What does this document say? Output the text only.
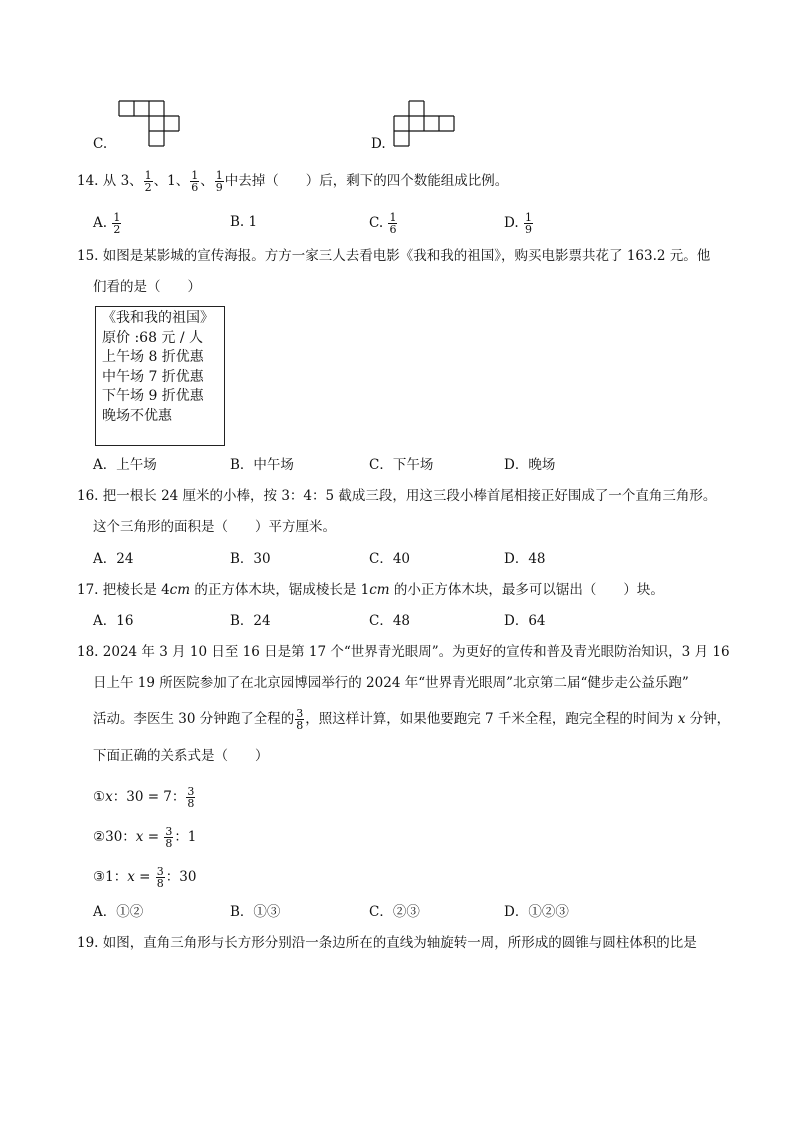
C.	D.
14. 从 3、 $\frac{1}{2}$ 、1、 $\frac{1}{6}$ 、 $\frac{1}{9}$ 中去掉（　　）后，剩下的四个数能组成比例。
A. $\frac{1}{2}$	B. 1	C. $\frac{1}{6}$	D. $\frac{1}{9}$
15. 如图是某影城的宣传海报。方方一家三人去看电影《我和我的祖国》，购买电影票共花了 163.2 元。他
们看的是（　　）
《我和我的祖国》
原价 :68 元 / 人
上午场 8 折优惠
中午场 7 折优惠
下午场 9 折优惠
晚场不优惠
A．上午场	B．中午场	C．下午场	D．晚场
16. 把一根长 24 厘米的小棒，按 3：4：5 截成三段，用这三段小棒首尾相接正好围成了一个直角三角形。
这个三角形的面积是（　　）平方厘米。
A．24	B．30	C．40	D．48
17. 把棱长是 4cm 的正方体木块，锯成棱长是 1cm 的小正方体木块，最多可以锯出（　　）块。
A．16	B．24	C．48	D．64
18. 2024 年 3 月 10 日至 16 日是第 17 个“世界青光眼周”。为更好的宣传和普及青光眼防治知识，3 月 16
日上午 19 所医院参加了在北京园博园举行的 2024 年“世界青光眼周”北京第二届“健步走公益乐跑”
活动。李医生 30 分钟跑了全程的 $\frac{3}{8}$ ，照这样计算，如果他要跑完 7 千米全程，跑完全程的时间为 x 分钟，
下面正确的关系式是（　　）
①x：30 = 7： $\frac{3}{8}$
②30：$x = \frac{3}{8}$ ：1
③1：$x = \frac{3}{8}$ ：30
A．①②	B．①③	C．②③	D．①②③
19. 如图，直角三角形与长方形分别沿一条边所在的直线为轴旋转一周，所形成的圆锥与圆柱体积的比是
